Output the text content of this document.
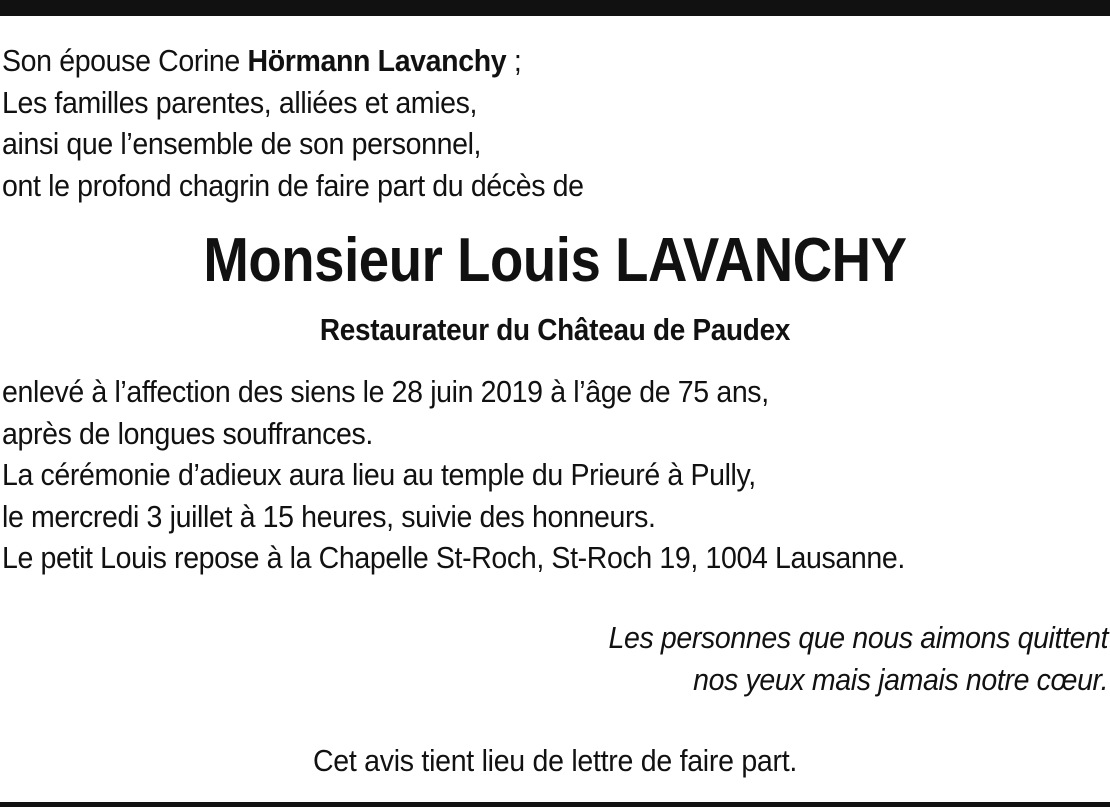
Son épouse Corine Hörmann Lavanchy ;
Les familles parentes, alliées et amies,
ainsi que l’ensemble de son personnel,
ont le profond chagrin de faire part du décès de
Monsieur Louis LAVANCHY
Restaurateur du Château de Paudex
enlevé à l’affection des siens le 28 juin 2019 à l’âge de 75 ans,
après de longues souffrances.
La cérémonie d’adieux aura lieu au temple du Prieuré à Pully,
le mercredi 3 juillet à 15 heures, suivie des honneurs.
Le petit Louis repose à la Chapelle St-Roch, St-Roch 19, 1004 Lausanne.
Les personnes que nous aimons quittent
nos yeux mais jamais notre cœur.
Cet avis tient lieu de lettre de faire part.
